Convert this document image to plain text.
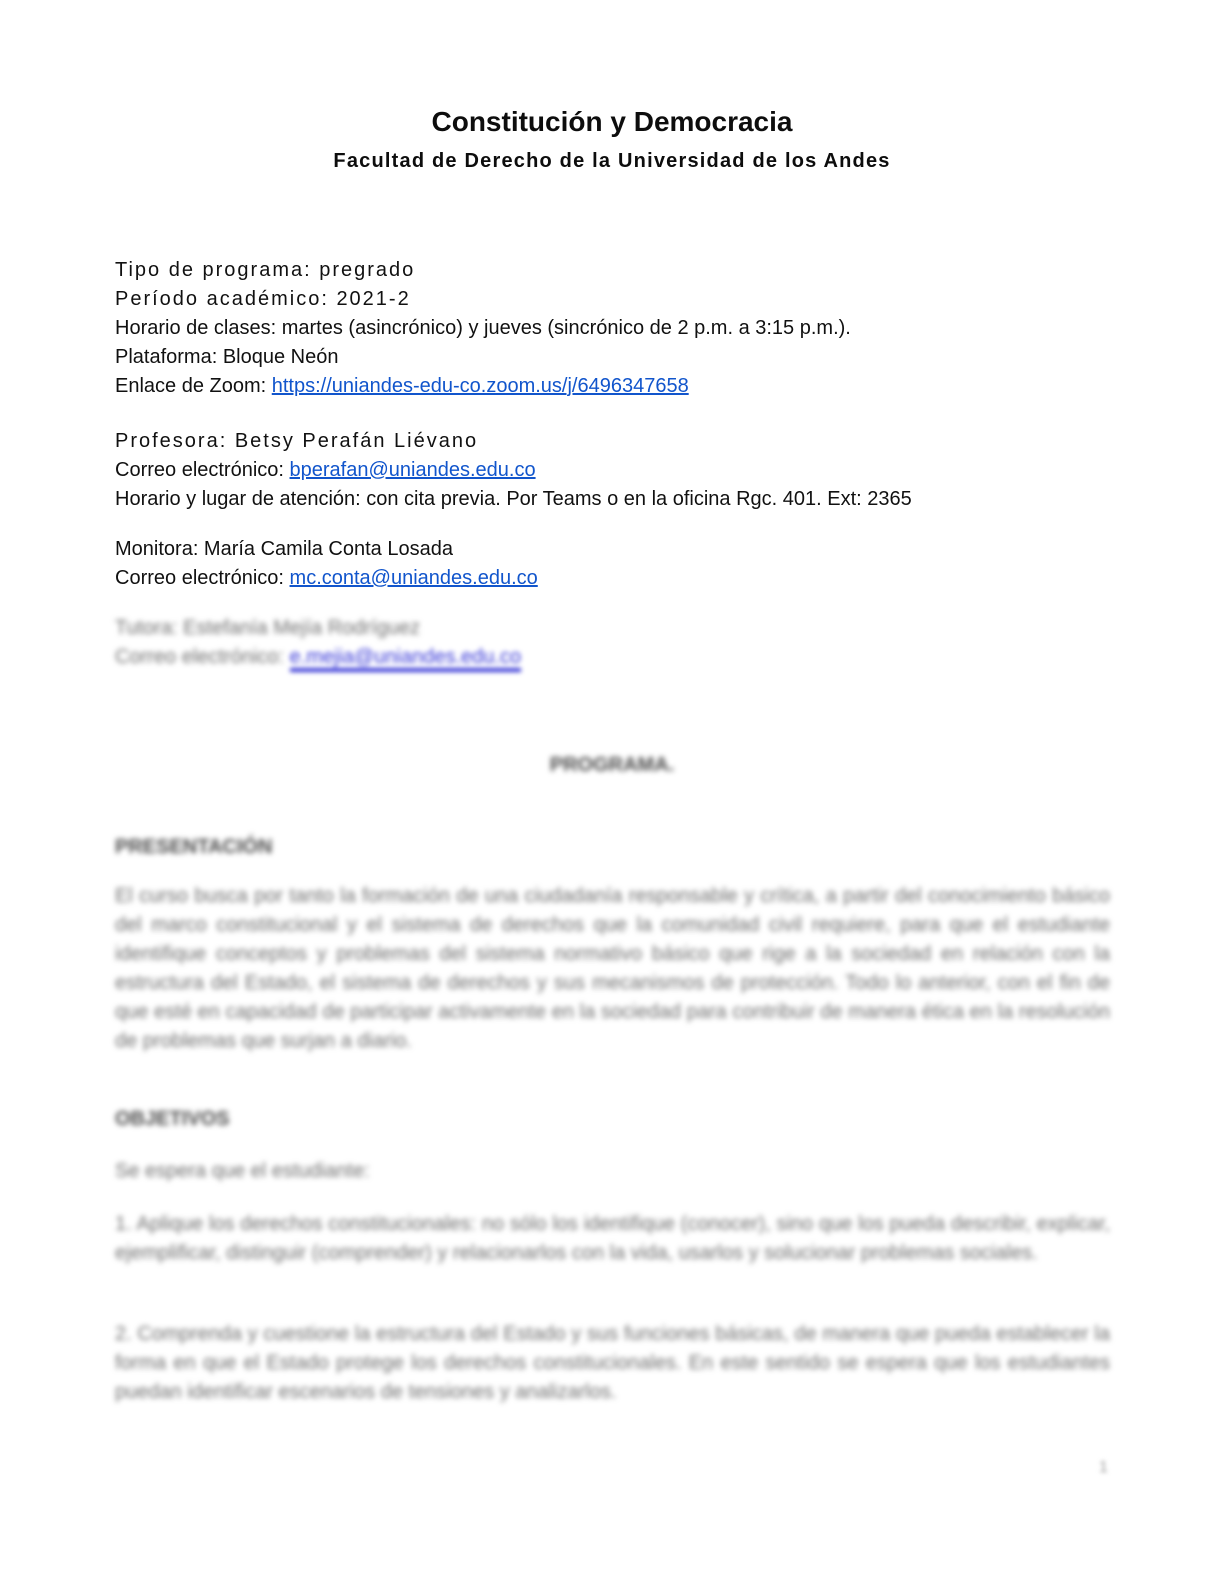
Constitución y Democracia
Facultad de Derecho de la Universidad de los Andes
Tipo de programa: pregrado
Período académico: 2021-2
Horario de clases: martes (asincrónico) y jueves (sincrónico de 2 p.m. a 3:15 p.m.).
Plataforma: Bloque Neón
Enlace de Zoom: https://uniandes-edu-co.zoom.us/j/6496347658
Profesora: Betsy Perafán Liévano
Correo electrónico: bperafan@uniandes.edu.co
Horario y lugar de atención: con cita previa. Por Teams o en la oficina Rgc. 401. Ext: 2365
Monitora: María Camila Conta Losada
Correo electrónico: mc.conta@uniandes.edu.co
Tutora: Estefanía Mejía Rodríguez
Correo electrónico: e.mejia@uniandes.edu.co
PROGRAMA.
PRESENTACIÓN
El curso busca por tanto la formación de una ciudadanía responsable y crítica, a partir del conocimiento básico del marco constitucional y el sistema de derechos que la comunidad civil requiere, para que el estudiante identifique conceptos y problemas del sistema normativo básico que rige a la sociedad en relación con la estructura del Estado, el sistema de derechos y sus mecanismos de protección. Todo lo anterior, con el fin de que esté en capacidad de participar activamente en la sociedad para contribuir de manera ética en la resolución de problemas que surjan a diario.
OBJETIVOS
Se espera que el estudiante:
1. Aplique los derechos constitucionales: no sólo los identifique (conocer), sino que los pueda describir, explicar, ejemplificar, distinguir (comprender) y relacionarlos con la vida, usarlos y solucionar problemas sociales.
2. Comprenda y cuestione la estructura del Estado y sus funciones básicas, de manera que pueda establecer la forma en que el Estado protege los derechos constitucionales. En este sentido se espera que los estudiantes puedan identificar escenarios de tensiones y analizarlos.
1
